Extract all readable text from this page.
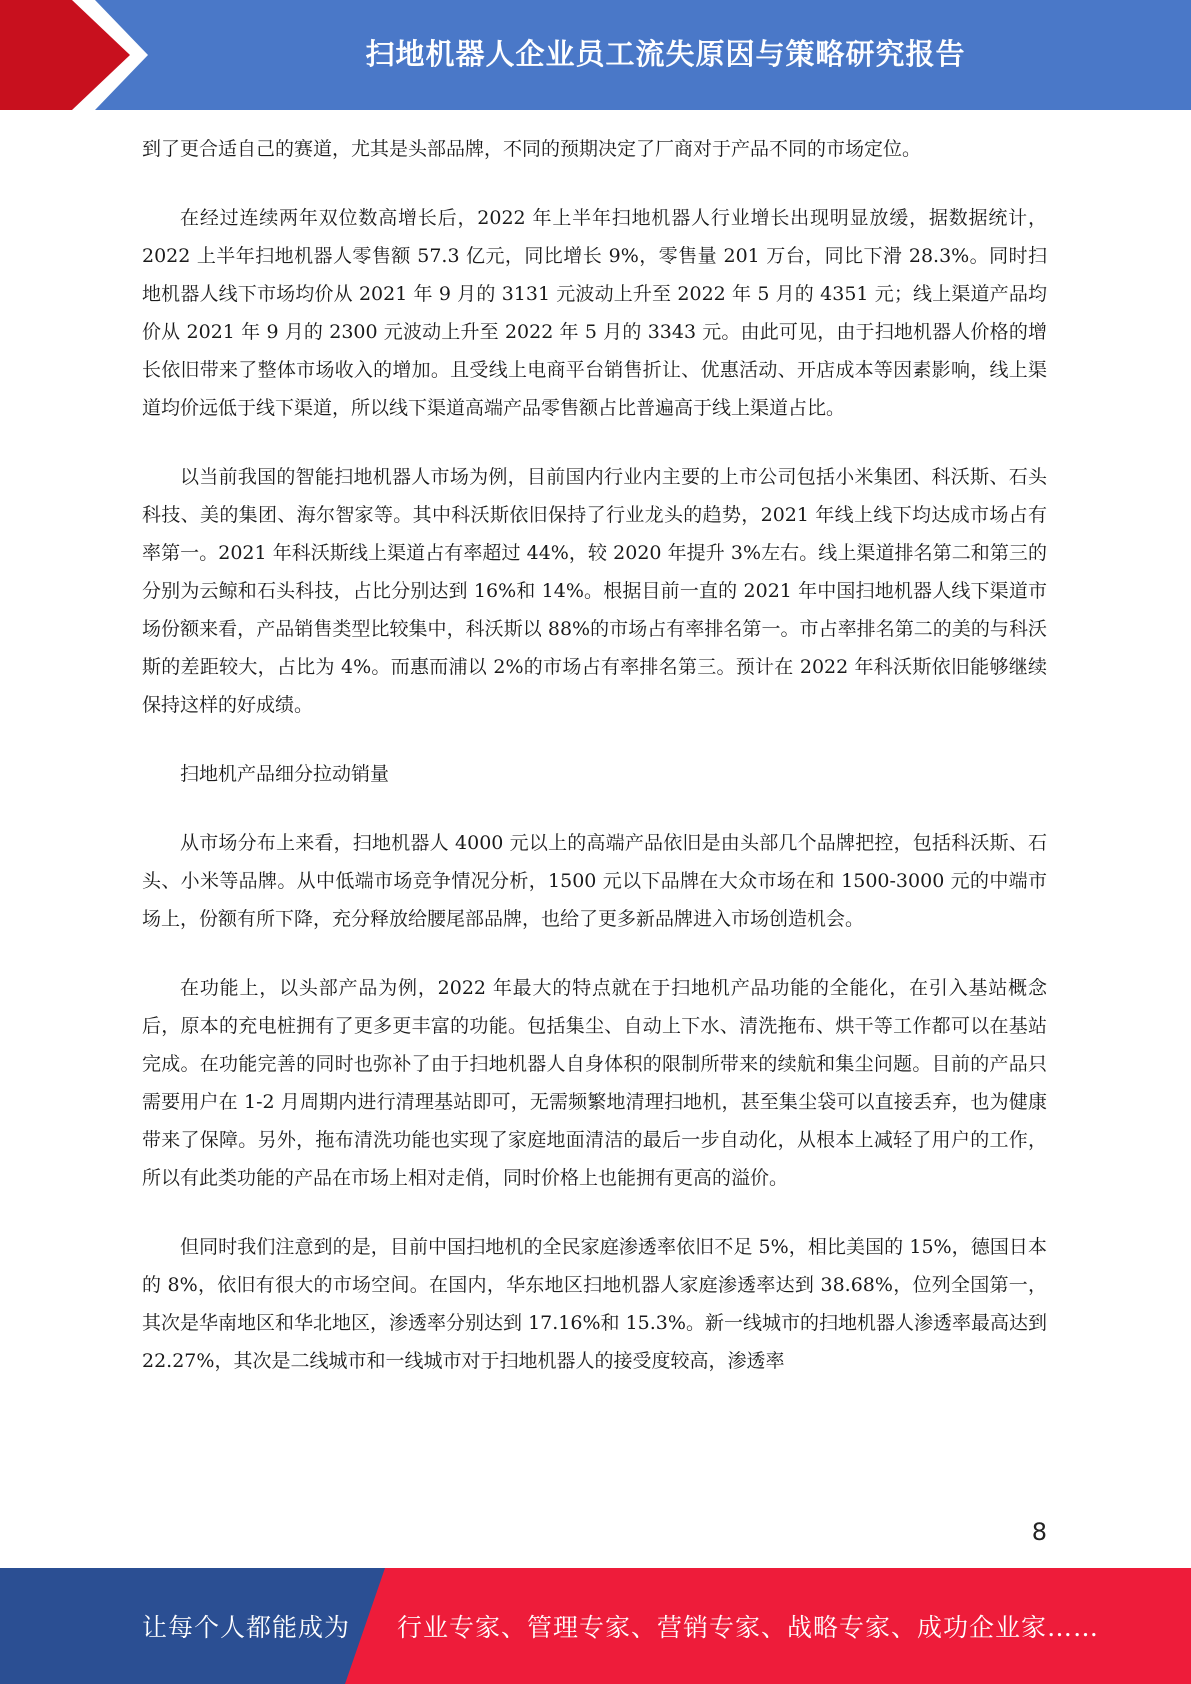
扫地机器人企业员工流失原因与策略研究报告

到了更合适自己的赛道，尤其是头部品牌，不同的预期决定了厂商对于产品不同的市场定位。

在经过连续两年双位数高增长后，2022 年上半年扫地机器人行业增长出现明显放缓，据数据统计，2022 上半年扫地机器人零售额 57.3 亿元，同比增长 9%，零售量 201 万台，同比下滑 28.3%。同时扫地机器人线下市场均价从 2021 年 9 月的 3131 元波动上升至 2022 年 5 月的 4351 元；线上渠道产品均价从 2021 年 9 月的 2300 元波动上升至 2022 年 5 月的 3343 元。由此可见，由于扫地机器人价格的增长依旧带来了整体市场收入的增加。且受线上电商平台销售折让、优惠活动、开店成本等因素影响，线上渠道均价远低于线下渠道，所以线下渠道高端产品零售额占比普遍高于线上渠道占比。

以当前我国的智能扫地机器人市场为例，目前国内行业内主要的上市公司包括小米集团、科沃斯、石头科技、美的集团、海尔智家等。其中科沃斯依旧保持了行业龙头的趋势，2021 年线上线下均达成市场占有率第一。2021 年科沃斯线上渠道占有率超过 44%，较 2020 年提升 3%左右。线上渠道排名第二和第三的分别为云鲸和石头科技，占比分别达到 16%和 14%。根据目前一直的 2021 年中国扫地机器人线下渠道市场份额来看，产品销售类型比较集中，科沃斯以 88%的市场占有率排名第一。市占率排名第二的美的与科沃斯的差距较大，占比为 4%。而惠而浦以 2%的市场占有率排名第三。预计在 2022 年科沃斯依旧能够继续保持这样的好成绩。

扫地机产品细分拉动销量

从市场分布上来看，扫地机器人 4000 元以上的高端产品依旧是由头部几个品牌把控，包括科沃斯、石头、小米等品牌。从中低端市场竞争情况分析，1500 元以下品牌在大众市场在和 1500-3000 元的中端市场上，份额有所下降，充分释放给腰尾部品牌，也给了更多新品牌进入市场创造机会。

在功能上，以头部产品为例，2022 年最大的特点就在于扫地机产品功能的全能化，在引入基站概念后，原本的充电桩拥有了更多更丰富的功能。包括集尘、自动上下水、清洗拖布、烘干等工作都可以在基站完成。在功能完善的同时也弥补了由于扫地机器人自身体积的限制所带来的续航和集尘问题。目前的产品只需要用户在 1-2 月周期内进行清理基站即可，无需频繁地清理扫地机，甚至集尘袋可以直接丢弃，也为健康带来了保障。另外，拖布清洗功能也实现了家庭地面清洁的最后一步自动化，从根本上减轻了用户的工作，所以有此类功能的产品在市场上相对走俏，同时价格上也能拥有更高的溢价。

但同时我们注意到的是，目前中国扫地机的全民家庭渗透率依旧不足 5%，相比美国的 15%，德国日本的 8%，依旧有很大的市场空间。在国内，华东地区扫地机器人家庭渗透率达到 38.68%，位列全国第一，其次是华南地区和华北地区，渗透率分别达到 17.16%和 15.3%。新一线城市的扫地机器人渗透率最高达到 22.27%，其次是二线城市和一线城市对于扫地机器人的接受度较高，渗透率

8
让每个人都能成为 行业专家、管理专家、营销专家、战略专家、成功企业家……
